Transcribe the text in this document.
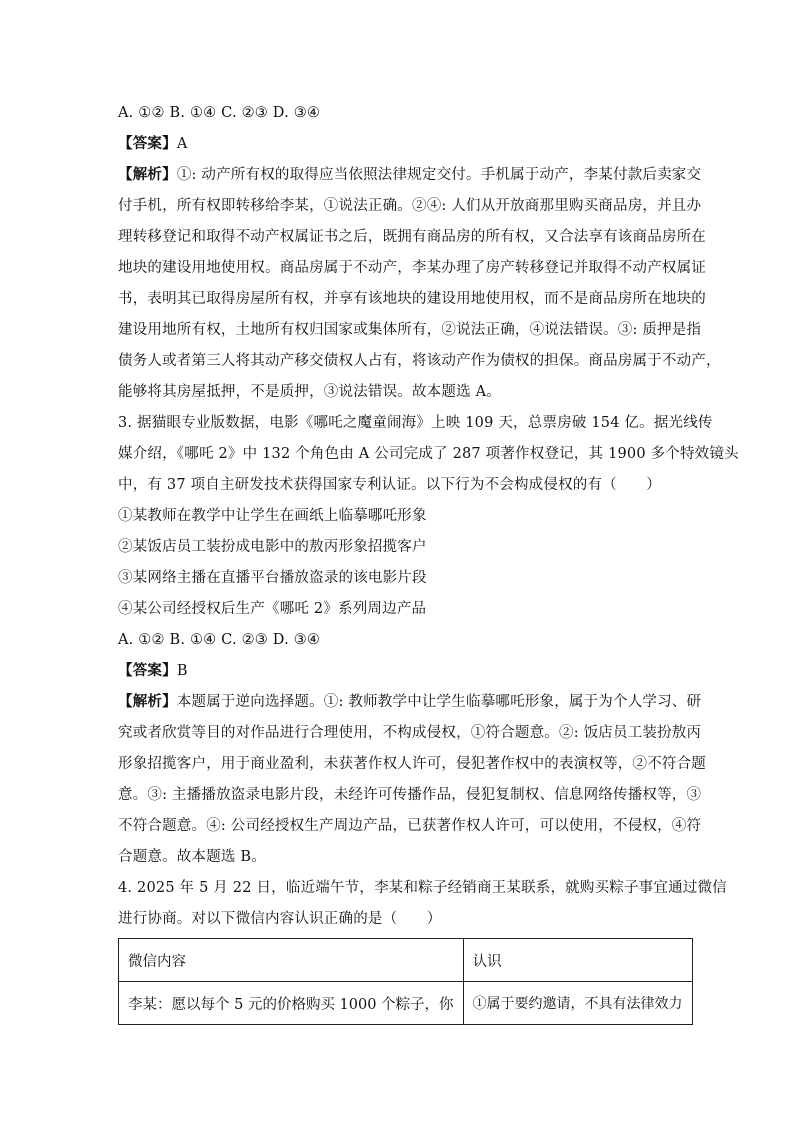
A. ①② B. ①④ C. ②③ D. ③④
【答案】A
【解析】①: 动产所有权的取得应当依照法律规定交付。手机属于动产，李某付款后卖家交
付手机，所有权即转移给李某，①说法正确。②④: 人们从开放商那里购买商品房，并且办
理转移登记和取得不动产权属证书之后，既拥有商品房的所有权，又合法享有该商品房所在
地块的建设用地使用权。商品房属于不动产，李某办理了房产转移登记并取得不动产权属证
书，表明其已取得房屋所有权，并享有该地块的建设用地使用权，而不是商品房所在地块的
建设用地所有权，土地所有权归国家或集体所有，②说法正确，④说法错误。③: 质押是指
债务人或者第三人将其动产移交债权人占有，将该动产作为债权的担保。商品房属于不动产，
能够将其房屋抵押，不是质押，③说法错误。故本题选 A。
3. 据猫眼专业版数据，电影《哪吒之魔童闹海》上映 109 天，总票房破 154 亿。据光线传
媒介绍，《哪吒 2》中 132 个角色由 A 公司完成了 287 项著作权登记，其 1900 多个特效镜头
中，有 37 项自主研发技术获得国家专利认证。以下行为不会构成侵权的有（　　）
①某教师在教学中让学生在画纸上临摹哪吒形象
②某饭店员工装扮成电影中的敖丙形象招揽客户
③某网络主播在直播平台播放盗录的该电影片段
④某公司经授权后生产《哪吒 2》系列周边产品
A. ①② B. ①④ C. ②③ D. ③④
【答案】B
【解析】本题属于逆向选择题。①: 教师教学中让学生临摹哪吒形象，属于为个人学习、研
究或者欣赏等目的对作品进行合理使用，不构成侵权，①符合题意。②: 饭店员工装扮敖丙
形象招揽客户，用于商业盈利，未获著作权人许可，侵犯著作权中的表演权等，②不符合题
意。③: 主播播放盗录电影片段，未经许可传播作品，侵犯复制权、信息网络传播权等，③
不符合题意。④: 公司经授权生产周边产品，已获著作权人许可，可以使用，不侵权，④符
合题意。故本题选 B。
4. 2025 年 5 月 22 日，临近端午节，李某和粽子经销商王某联系，就购买粽子事宜通过微信
进行协商。对以下微信内容认识正确的是（　　）
微信内容	认识
李某：愿以每个 5 元的价格购买 1000 个粽子，你	①属于要约邀请，不具有法律效力
